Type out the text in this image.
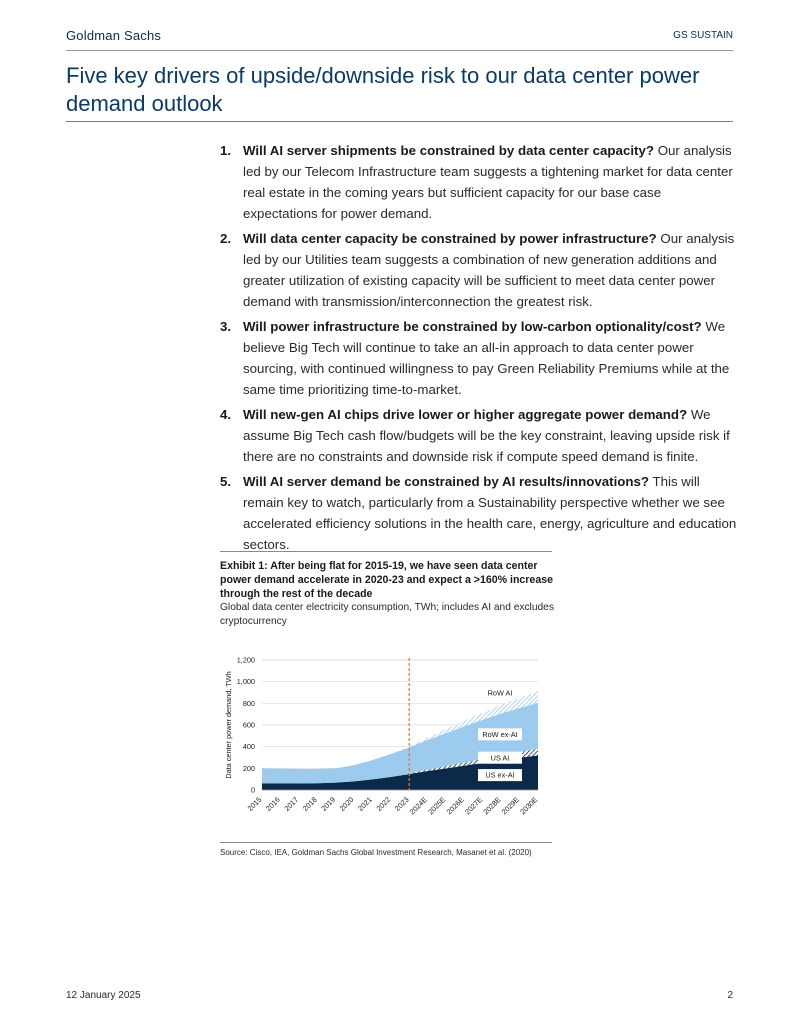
Goldman Sachs	GS SUSTAIN
Five key drivers of upside/downside risk to our data center power demand outlook
1. Will AI server shipments be constrained by data center capacity? Our analysis led by our Telecom Infrastructure team suggests a tightening market for data center real estate in the coming years but sufficient capacity for our base case expectations for power demand.
2. Will data center capacity be constrained by power infrastructure? Our analysis led by our Utilities team suggests a combination of new generation additions and greater utilization of existing capacity will be sufficient to meet data center power demand with transmission/interconnection the greatest risk.
3. Will power infrastructure be constrained by low-carbon optionality/cost? We believe Big Tech will continue to take an all-in approach to data center power sourcing, with continued willingness to pay Green Reliability Premiums while at the same time prioritizing time-to-market.
4. Will new-gen AI chips drive lower or higher aggregate power demand? We assume Big Tech cash flow/budgets will be the key constraint, leaving upside risk if there are no constraints and downside risk if compute speed demand is finite.
5. Will AI server demand be constrained by AI results/innovations? This will remain key to watch, particularly from a Sustainability perspective whether we see accelerated efficiency solutions in the health care, energy, agriculture and education sectors.
Exhibit 1: After being flat for 2015-19, we have seen data center power demand accelerate in 2020-23 and expect a >160% increase through the rest of the decade
Global data center electricity consumption, TWh; includes AI and excludes cryptocurrency
0
200
400
600
800
1,000
1,200
2015 2016 2017 2018 2019 2020 2021 2022 2023
2024E
2025E
2026E
2027E
2028E
2029E
2030E
Data center power demand, TWh	US ex-AI
US AI
RoW ex-AI
RoW AI
Source: Cisco, IEA, Goldman Sachs Global Investment Research, Masanet et al. (2020)
12 January 2025	2
